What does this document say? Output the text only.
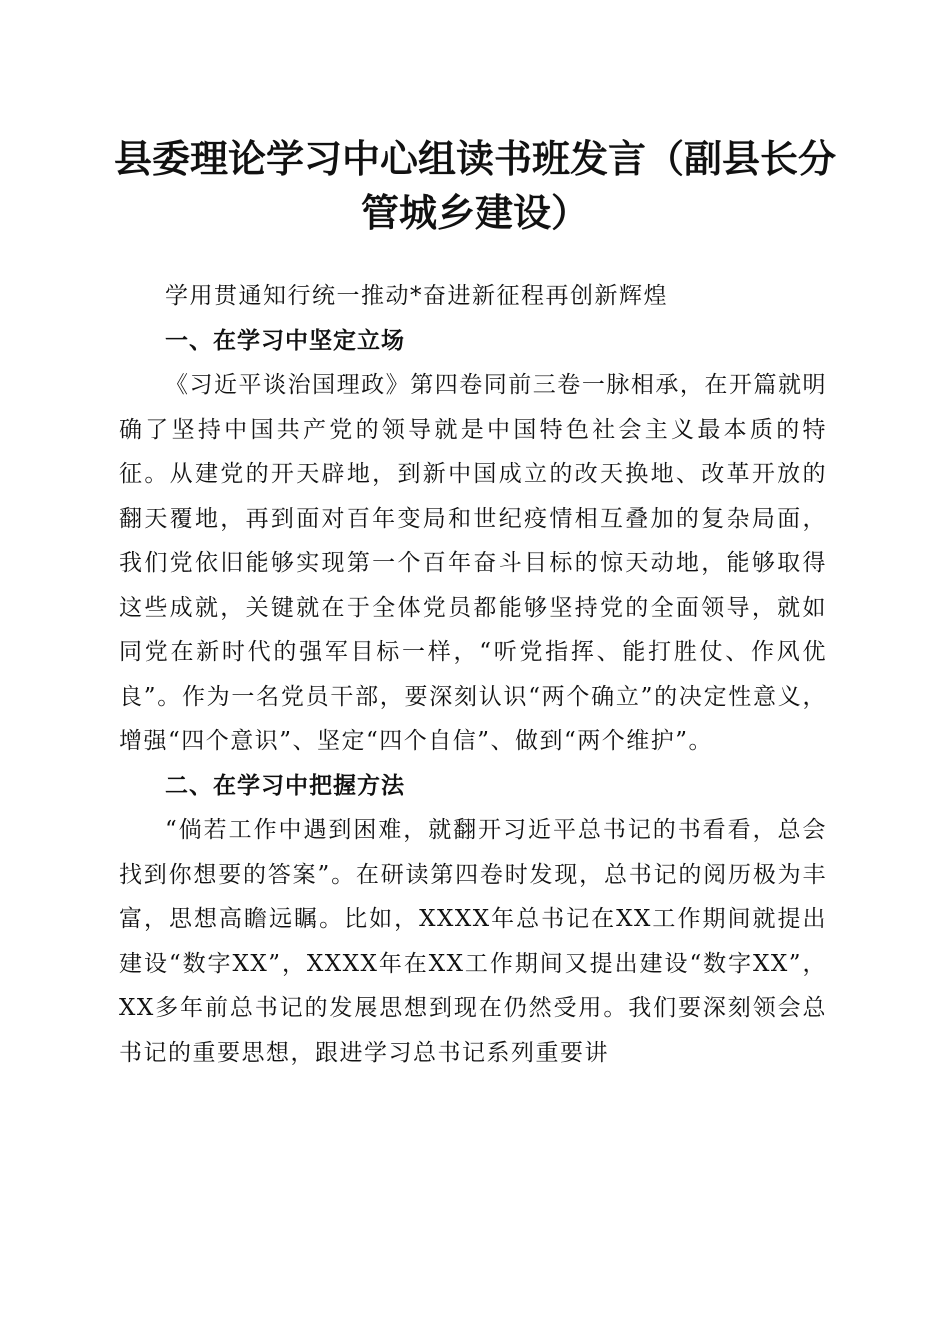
县委理论学习中心组读书班发言（副县长分管城乡建设）

学用贯通知行统一推动*奋进新征程再创新辉煌

一、在学习中坚定立场

《习近平谈治国理政》第四卷同前三卷一脉相承，在开篇就明确了坚持中国共产党的领导就是中国特色社会主义最本质的特征。从建党的开天辟地，到新中国成立的改天换地、改革开放的翻天覆地，再到面对百年变局和世纪疫情相互叠加的复杂局面，我们党依旧能够实现第一个百年奋斗目标的惊天动地，能够取得这些成就，关键就在于全体党员都能够坚持党的全面领导，就如同党在新时代的强军目标一样，“听党指挥、能打胜仗、作风优良”。作为一名党员干部，要深刻认识“两个确立”的决定性意义，增强“四个意识”、坚定“四个自信”、做到“两个维护”。

二、在学习中把握方法

“倘若工作中遇到困难，就翻开习近平总书记的书看看，总会找到你想要的答案”。在研读第四卷时发现，总书记的阅历极为丰富，思想高瞻远瞩。比如，XXXX年总书记在XX工作期间就提出建设“数字XX”，XXXX年在XX工作期间又提出建设“数字XX”，XX多年前总书记的发展思想到现在仍然受用。我们要深刻领会总书记的重要思想，跟进学习总书记系列重要讲
